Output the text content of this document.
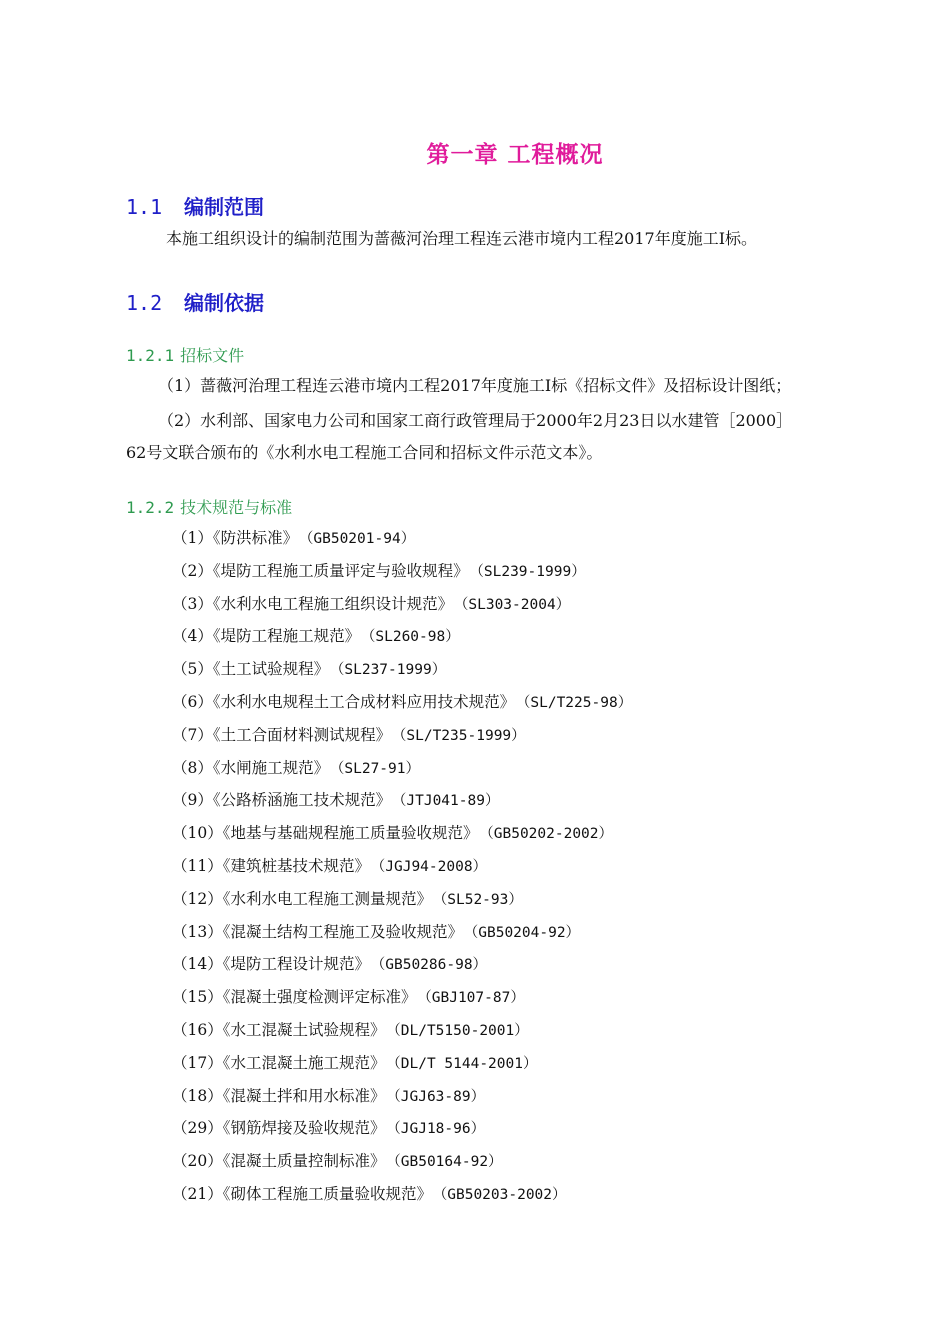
第一章 工程概况
1.1 编制范围
本施工组织设计的编制范围为蔷薇河治理工程连云港市境内工程2017年度施工I标。
1.2 编制依据
1.2.1 招标文件
（1）蔷薇河治理工程连云港市境内工程2017年度施工I标《招标文件》及招标设计图纸；
（2）水利部、国家电力公司和国家工商行政管理局于2000年2月23日以水建管［2000］
62号文联合颁布的《水利水电工程施工合同和招标文件示范文本》。
1.2.2 技术规范与标准
（1）《防洪标准》 （GB50201-94）
（2）《堤防工程施工质量评定与验收规程》 （SL239-1999）
（3）《水利水电工程施工组织设计规范》 （SL303-2004）
（4）《堤防工程施工规范》 （SL260-98）
（5）《土工试验规程》 （SL237-1999）
（6）《水利水电规程土工合成材料应用技术规范》 （SL/T225-98）
（7）《土工合面材料测试规程》 （SL/T235-1999）
（8）《水闸施工规范》 （SL27-91）
（9）《公路桥涵施工技术规范》 （JTJ041-89）
（10）《地基与基础规程施工质量验收规范》 （GB50202-2002）
（11）《建筑桩基技术规范》 （JGJ94-2008）
（12）《水利水电工程施工测量规范》 （SL52-93）
（13）《混凝土结构工程施工及验收规范》 （GB50204-92）
（14）《堤防工程设计规范》 （GB50286-98）
（15）《混凝土强度检测评定标准》 （GBJ107-87）
（16）《水工混凝土试验规程》 （DL/T5150-2001）
（17）《水工混凝土施工规范》 （DL/T 5144-2001）
（18）《混凝土拌和用水标准》 （JGJ63-89）
（29）《钢筋焊接及验收规范》 （JGJ18-96）
（20）《混凝土质量控制标准》 （GB50164-92）
（21）《砌体工程施工质量验收规范》 （GB50203-2002）
